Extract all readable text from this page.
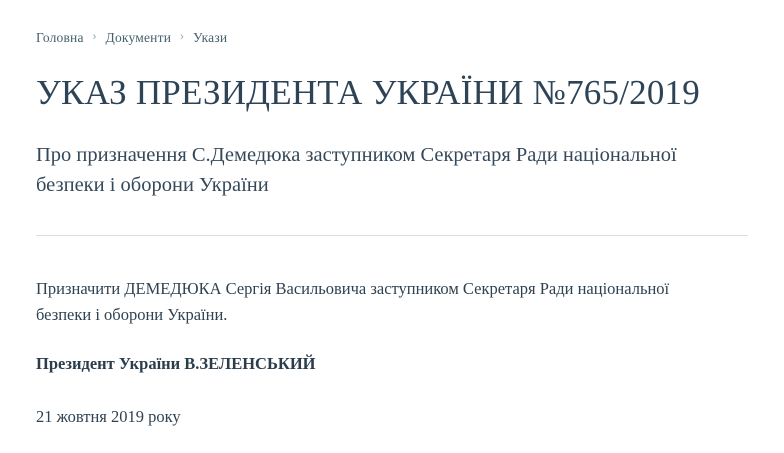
Головна › Документи › Укази
УКАЗ ПРЕЗИДЕНТА УКРАЇНИ №765/2019
Про призначення С.Демедюка заступником Секретаря Ради національної безпеки і оборони України

Призначити ДЕМЕДЮКА Сергія Васильовича заступником Секретаря Ради національної безпеки і оборони України.

Президент України В.ЗЕЛЕНСЬКИЙ

21 жовтня 2019 року
